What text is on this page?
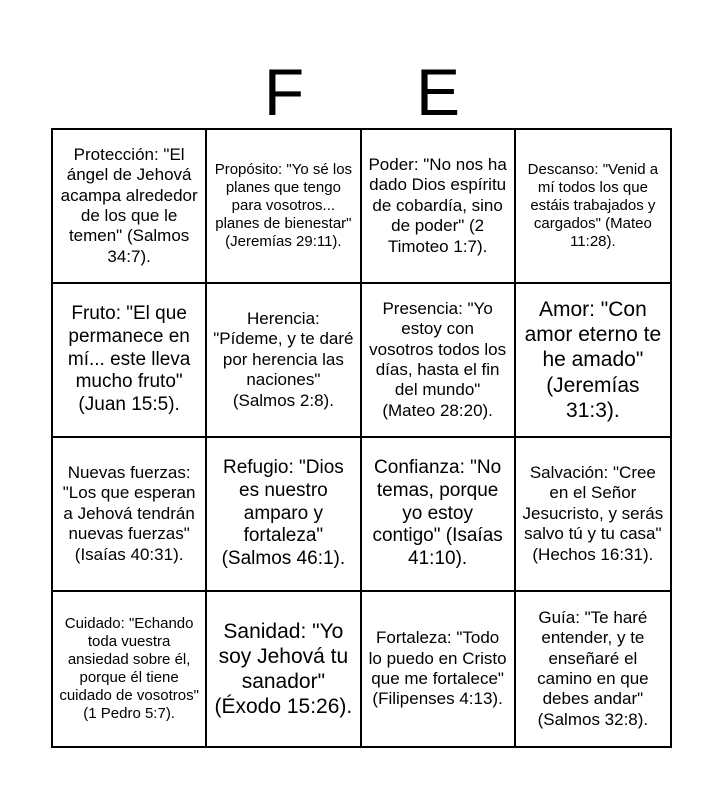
F	E
Protección: "El ángel de Jehová acampa alrededor de los que le temen" (Salmos 34:7).
Propósito: "Yo sé los planes que tengo para vosotros... planes de bienestar" (Jeremías 29:11).
Poder: "No nos ha dado Dios espíritu de cobardía, sino de poder" (2 Timoteo 1:7).
Descanso: "Venid a mí todos los que estáis trabajados y cargados" (Mateo 11:28).
Fruto: "El que permanece en mí... este lleva mucho fruto" (Juan 15:5).
Herencia: "Pídeme, y te daré por herencia las naciones" (Salmos 2:8).
Presencia: "Yo estoy con vosotros todos los días, hasta el fin del mundo" (Mateo 28:20).
Amor: "Con amor eterno te he amado" (Jeremías 31:3).
Nuevas fuerzas: "Los que esperan a Jehová tendrán nuevas fuerzas" (Isaías 40:31).
Refugio: "Dios es nuestro amparo y fortaleza" (Salmos 46:1).
Confianza: "No temas, porque yo estoy contigo" (Isaías 41:10).
Salvación: "Cree en el Señor Jesucristo, y serás salvo tú y tu casa" (Hechos 16:31).
Cuidado: "Echando toda vuestra ansiedad sobre él, porque él tiene cuidado de vosotros" (1 Pedro 5:7).
Sanidad: "Yo soy Jehová tu sanador" (Éxodo 15:26).
Fortaleza: "Todo lo puedo en Cristo que me fortalece" (Filipenses 4:13).
Guía: "Te haré entender, y te enseñaré el camino en que debes andar" (Salmos 32:8).
